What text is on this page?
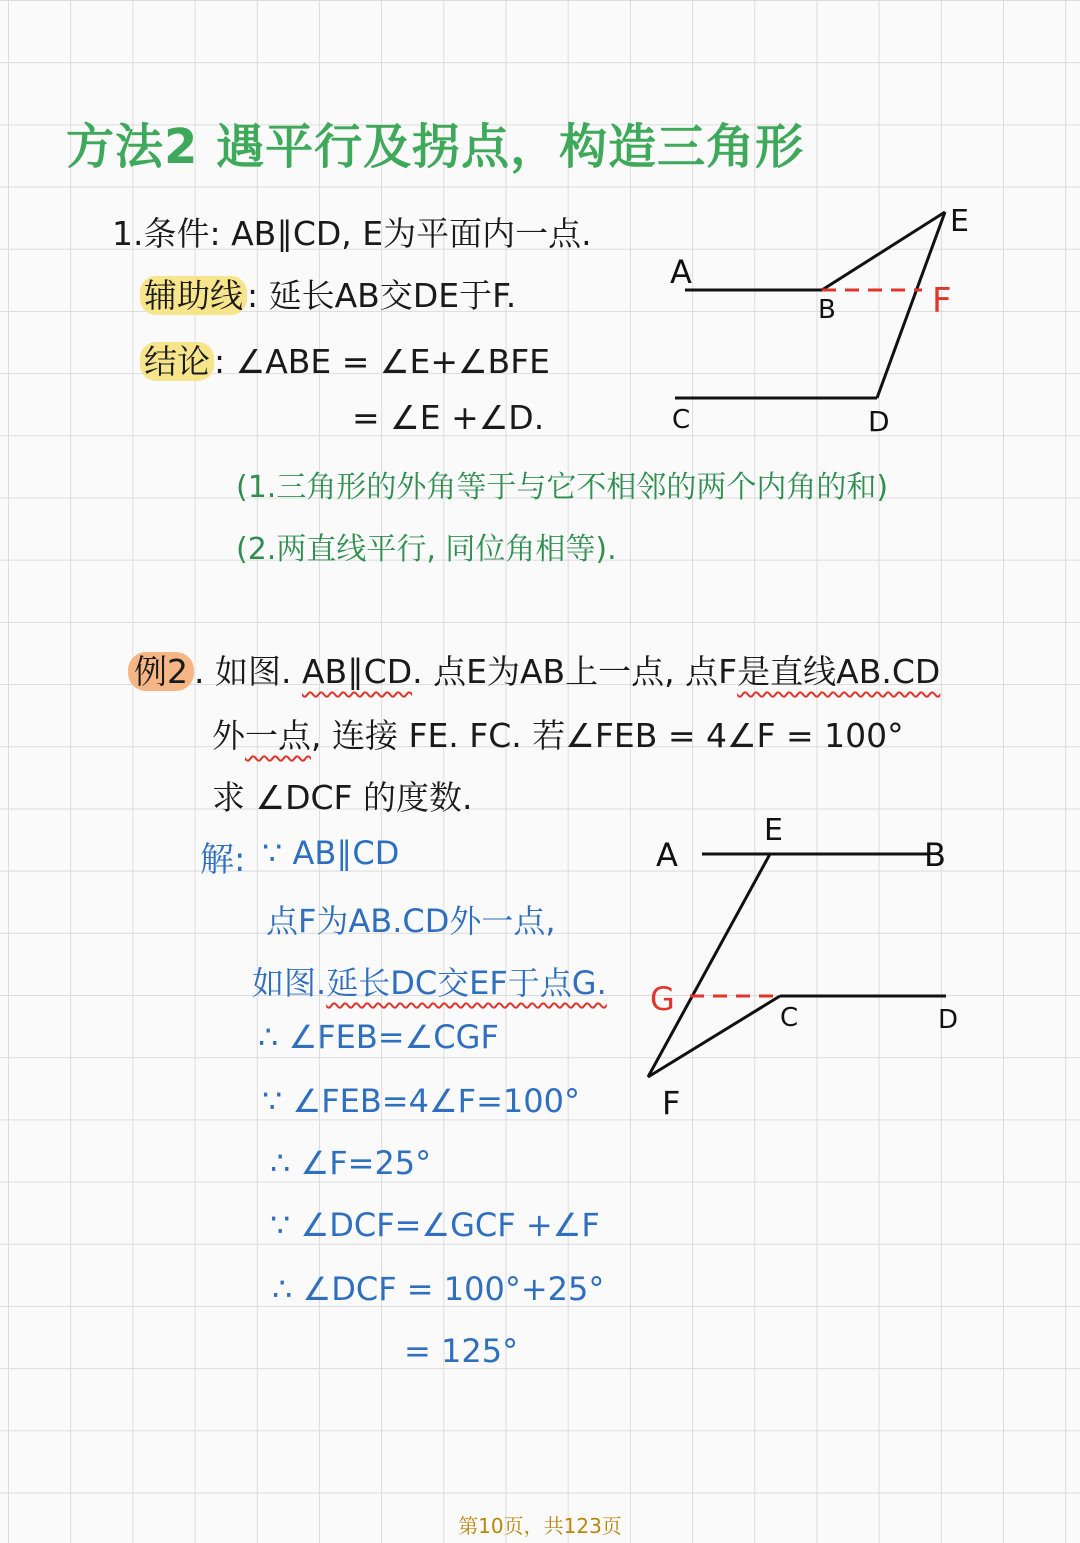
方法2 遇平行及拐点，构造三角形
1.条件: AB∥CD, E为平面内一点.
辅助线 : 延长AB交DE于F.
结论 : ∠ABE = ∠E+∠BFE
= ∠E +∠D.
(1.三角形的外角等于与它不相邻的两个内角的和)
(2.两直线平行, 同位角相等).
A
B
E
F
C	D
例2 . 如图. AB∥CD. 点E为AB上一点, 点F是直线AB.CD
外一点, 连接 FE. FC. 若∠FEB = 4∠F = 100°
求 ∠DCF 的度数.
解: ∵ AB∥CD
点F为AB.CD外一点,
如图.延长DC交EF于点G.
∴ ∠FEB=∠CGF
∵ ∠FEB=4∠F=100°
∴ ∠F=25°
∵ ∠DCF=∠GCF +∠F
∴ ∠DCF = 100°+25°
= 125°
A
E
B
G	C	D
F
第10页，共123页
